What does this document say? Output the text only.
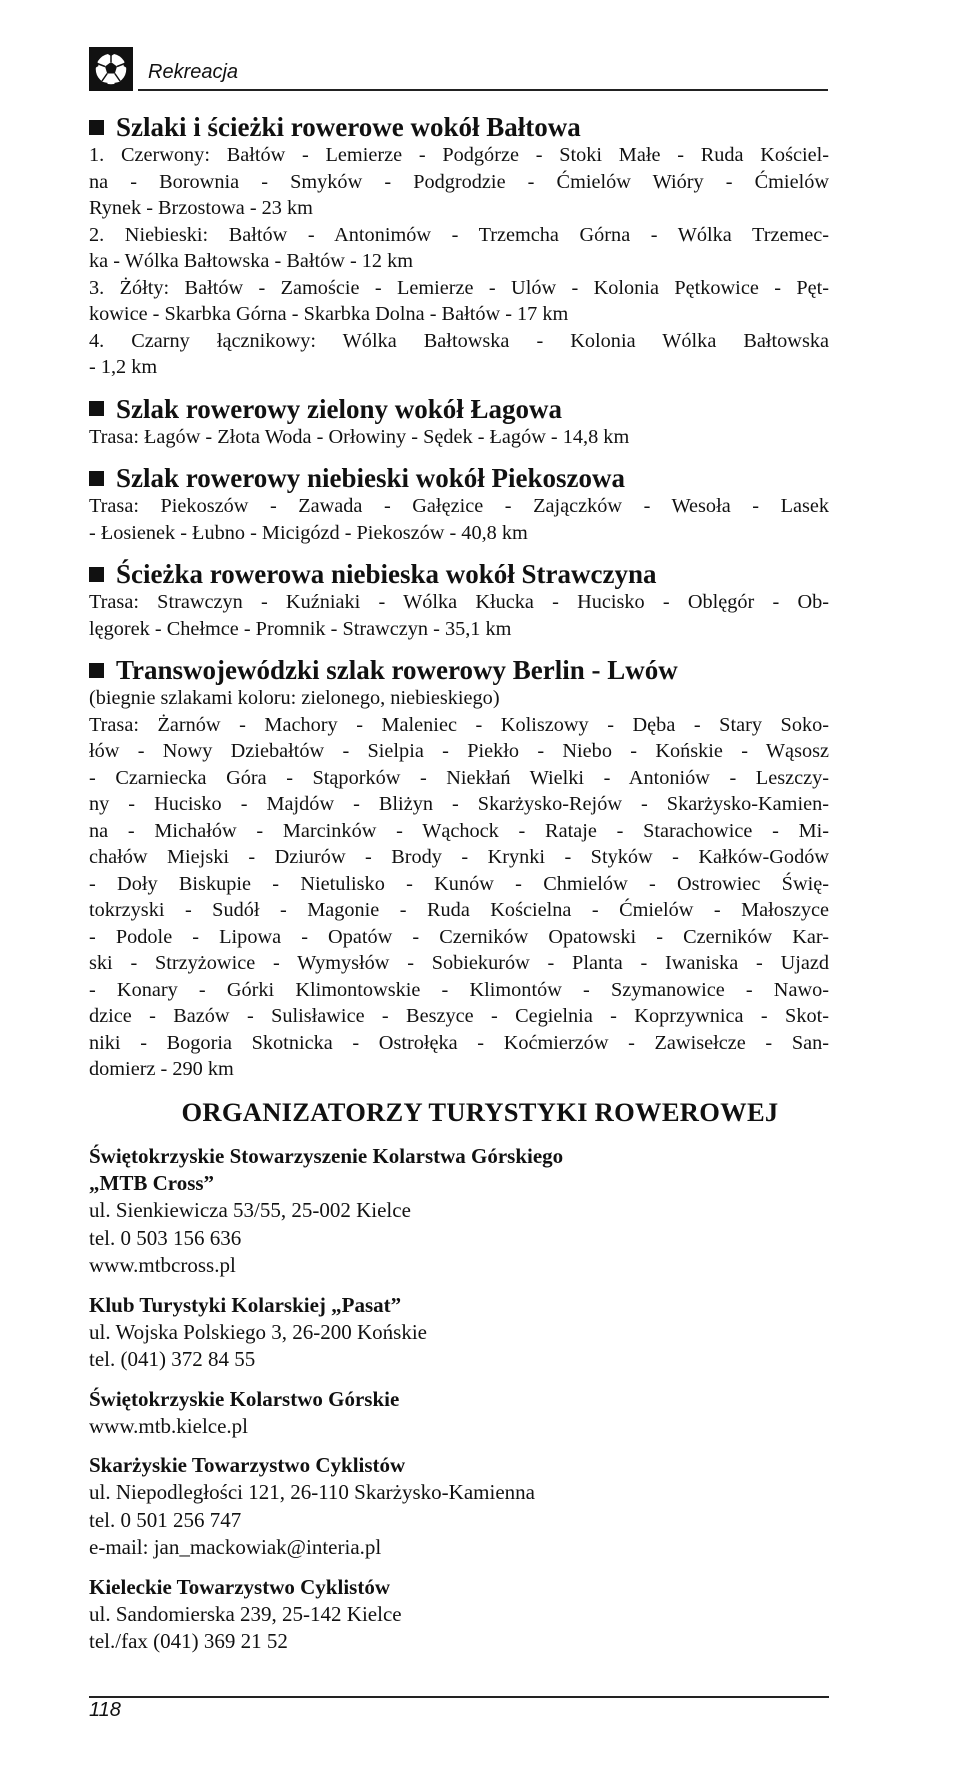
Rekreacja
Szlaki i ścieżki rowerowe wokół Bałtowa
1. Czerwony: Bałtów - Lemierze - Podgórze - Stoki Małe - Ruda Kościel-
na - Borownia - Smyków - Podgrodzie - Ćmielów Wióry - Ćmielów
Rynek - Brzostowa - 23 km
2. Niebieski: Bałtów - Antonimów - Trzemcha Górna - Wólka Trzemec-
ka - Wólka Bałtowska - Bałtów - 12 km
3. Żółty: Bałtów - Zamoście - Lemierze - Ulów - Kolonia Pętkowice - Pęt-
kowice - Skarbka Górna - Skarbka Dolna - Bałtów - 17 km
4. Czarny łącznikowy: Wólka Bałtowska - Kolonia Wólka Bałtowska
- 1,2 km
Szlak rowerowy zielony wokół Łagowa
Trasa: Łagów - Złota Woda - Orłowiny - Sędek - Łagów - 14,8 km
Szlak rowerowy niebieski wokół Piekoszowa
Trasa: Piekoszów - Zawada - Gałęzice - Zajączków - Wesoła - Lasek
- Łosienek - Łubno - Micigózd - Piekoszów - 40,8 km
Ścieżka rowerowa niebieska wokół Strawczyna
Trasa: Strawczyn - Kuźniaki - Wólka Kłucka - Hucisko - Oblęgór - Ob-
lęgorek - Chełmce - Promnik - Strawczyn - 35,1 km
Transwojewódzki szlak rowerowy Berlin - Lwów
(biegnie szlakami koloru: zielonego, niebieskiego)
Trasa: Żarnów - Machory - Maleniec - Koliszowy - Dęba - Stary Soko-
łów - Nowy Dziebałtów - Sielpia - Piekło - Niebo - Końskie - Wąsosz
- Czarniecka Góra - Stąporków - Niekłań Wielki - Antoniów - Leszczy-
ny - Hucisko - Majdów - Bliżyn - Skarżysko-Rejów - Skarżysko-Kamien-
na - Michałów - Marcinków - Wąchock - Rataje - Starachowice - Mi-
chałów Miejski - Dziurów - Brody - Krynki - Styków - Kałków-Godów
- Doły Biskupie - Nietulisko - Kunów - Chmielów - Ostrowiec Świę-
tokrzyski - Sudół - Magonie - Ruda Kościelna - Ćmielów - Małoszyce
- Podole - Lipowa - Opatów - Czerników Opatowski - Czerników Kar-
ski - Strzyżowice - Wymysłów - Sobiekurów - Planta - Iwaniska - Ujazd
- Konary - Górki Klimontowskie - Klimontów - Szymanowice - Nawo-
dzice - Bazów - Sulisławice - Beszyce - Cegielnia - Koprzywnica - Skot-
niki - Bogoria Skotnicka - Ostrołęka - Koćmierzów - Zawisełcze - San-
domierz - 290 km
ORGANIZATORZY TURYSTYKI ROWEROWEJ
Świętokrzyskie Stowarzyszenie Kolarstwa Górskiego
„MTB Cross”
ul. Sienkiewicza 53/55, 25-002 Kielce
tel. 0 503 156 636
www.mtbcross.pl
Klub Turystyki Kolarskiej „Pasat”
ul. Wojska Polskiego 3, 26-200 Końskie
tel. (041) 372 84 55
Świętokrzyskie Kolarstwo Górskie
www.mtb.kielce.pl
Skarżyskie Towarzystwo Cyklistów
ul. Niepodległości 121, 26-110 Skarżysko-Kamienna
tel. 0 501 256 747
e-mail: jan_mackowiak@interia.pl
Kieleckie Towarzystwo Cyklistów
ul. Sandomierska 239, 25-142 Kielce
tel./fax (041) 369 21 52
118
